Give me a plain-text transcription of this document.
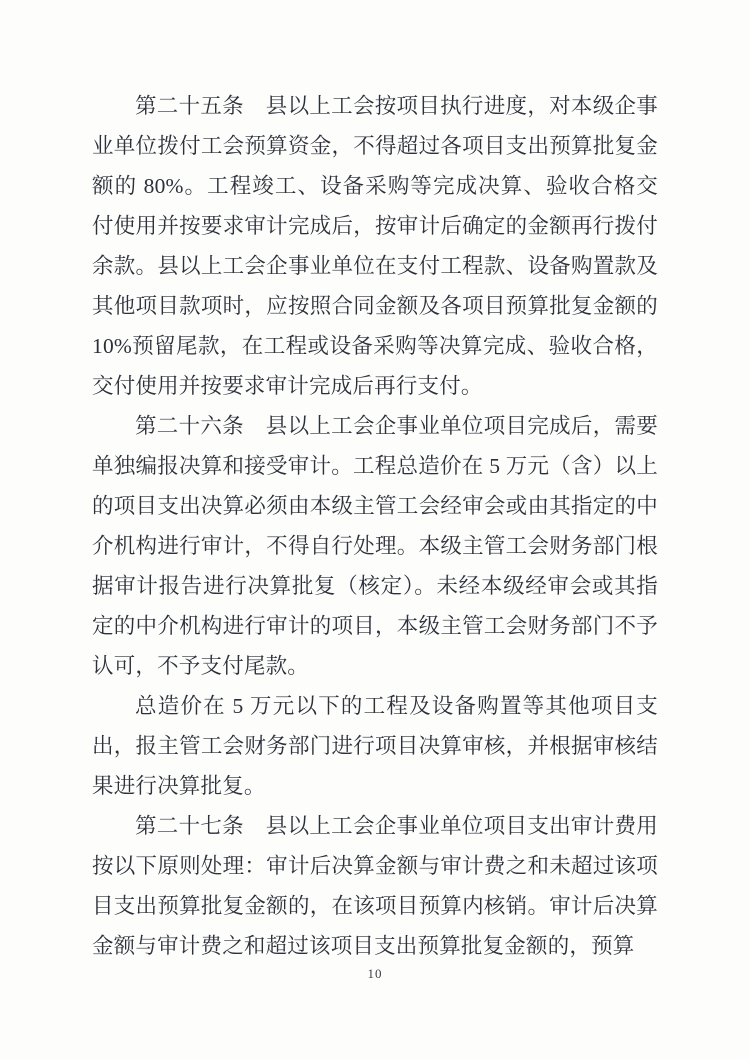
第二十五条　县以上工会按项目执行进度，对本级企事业单位拨付工会预算资金，不得超过各项目支出预算批复金额的 80%。工程竣工、设备采购等完成决算、验收合格交付使用并按要求审计完成后，按审计后确定的金额再行拨付余款。县以上工会企事业单位在支付工程款、设备购置款及其他项目款项时，应按照合同金额及各项目预算批复金额的 10%预留尾款，在工程或设备采购等决算完成、验收合格，交付使用并按要求审计完成后再行支付。

第二十六条　县以上工会企事业单位项目完成后，需要单独编报决算和接受审计。工程总造价在 5 万元（含）以上的项目支出决算必须由本级主管工会经审会或由其指定的中介机构进行审计，不得自行处理。本级主管工会财务部门根据审计报告进行决算批复（核定）。未经本级经审会或其指定的中介机构进行审计的项目，本级主管工会财务部门不予认可，不予支付尾款。

总造价在 5 万元以下的工程及设备购置等其他项目支出，报主管工会财务部门进行项目决算审核，并根据审核结果进行决算批复。

第二十七条　县以上工会企事业单位项目支出审计费用按以下原则处理：审计后决算金额与审计费之和未超过该项目支出预算批复金额的，在该项目预算内核销。审计后决算金额与审计费之和超过该项目支出预算批复金额的，预算

10
